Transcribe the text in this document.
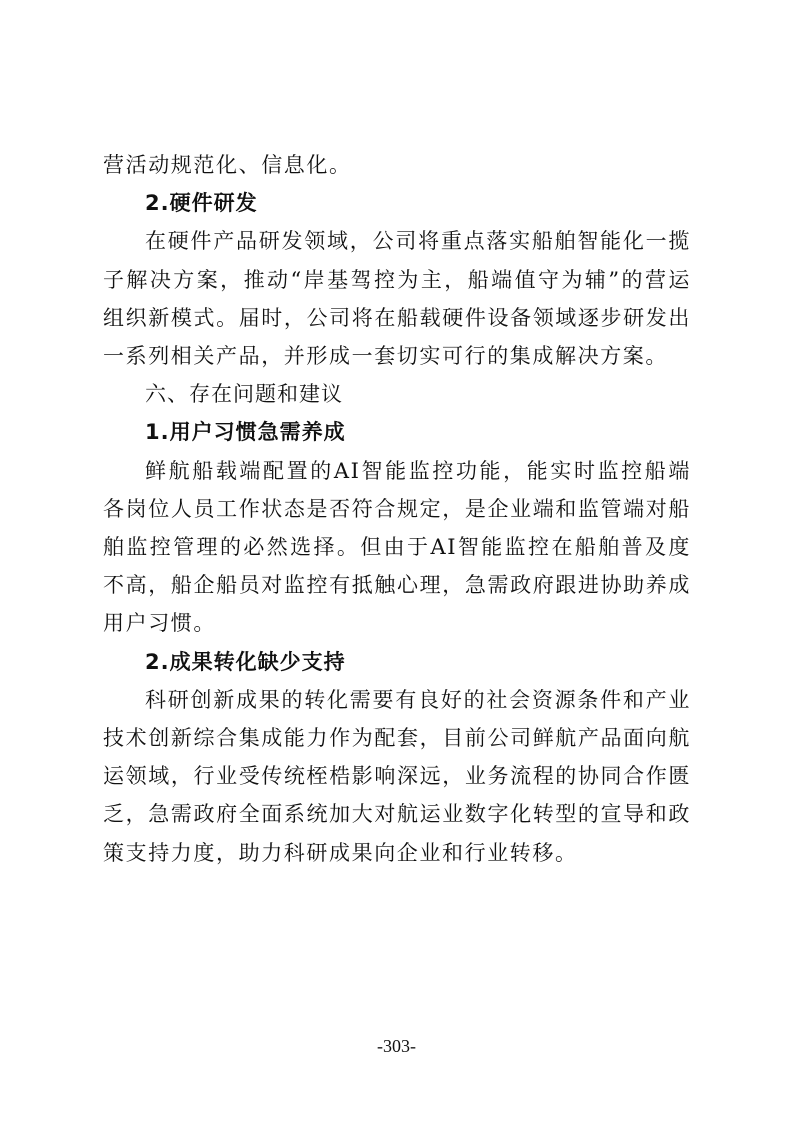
营活动规范化、信息化。

2.硬件研发

在硬件产品研发领域，公司将重点落实船舶智能化一揽子解决方案，推动“岸基驾控为主，船端值守为辅”的营运组织新模式。届时，公司将在船载硬件设备领域逐步研发出一系列相关产品，并形成一套切实可行的集成解决方案。

六、存在问题和建议
1.用户习惯急需养成

鲜航船载端配置的AI智能监控功能，能实时监控船端各岗位人员工作状态是否符合规定，是企业端和监管端对船舶监控管理的必然选择。但由于AI智能监控在船舶普及度不高，船企船员对监控有抵触心理，急需政府跟进协助养成用户习惯。

2.成果转化缺少支持

科研创新成果的转化需要有良好的社会资源条件和产业技术创新综合集成能力作为配套，目前公司鲜航产品面向航运领域，行业受传统桎梏影响深远，业务流程的协同合作匮乏，急需政府全面系统加大对航运业数字化转型的宣导和政策支持力度，助力科研成果向企业和行业转移。

-303-
